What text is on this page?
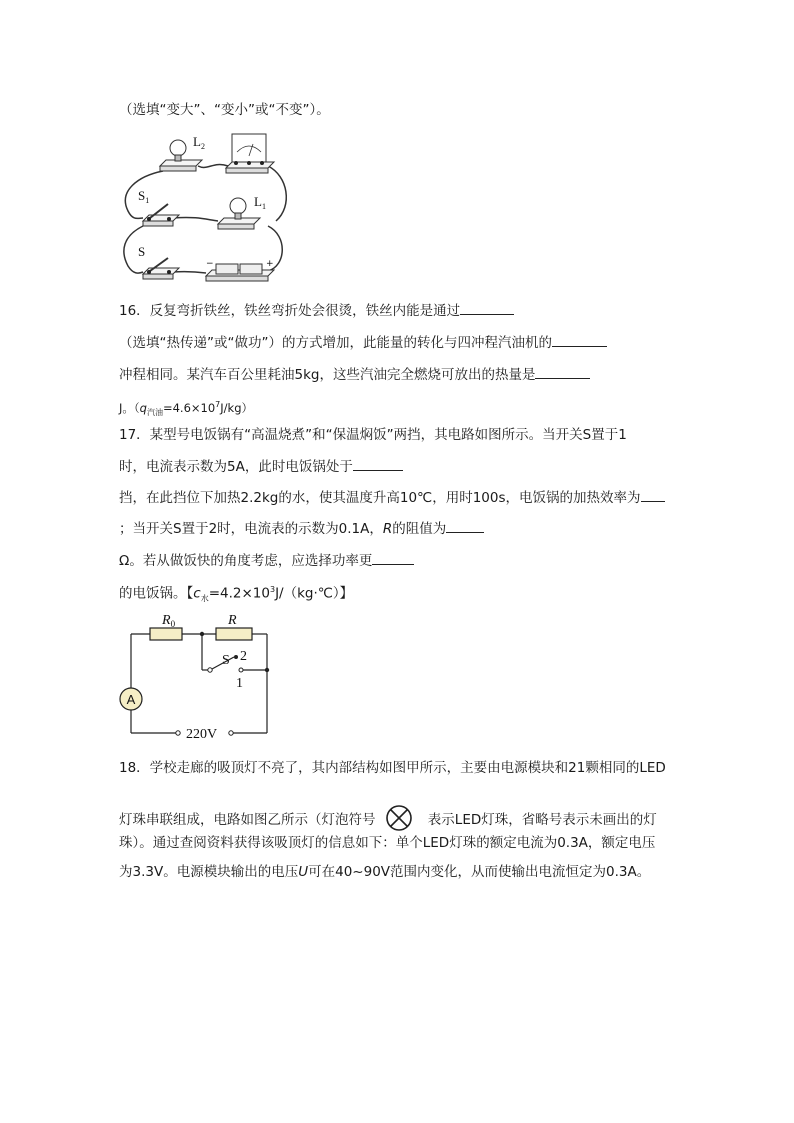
（选填“变大”、“变小”或“不变”）。
$L_2$
$S_1$	$L_1$
S
−	+
16．反复弯折铁丝，铁丝弯折处会很烫，铁丝内能是通过
（选填“热传递”或“做功”）的方式增加，此能量的转化与四冲程汽油机的
冲程相同。某汽车百公里耗油5kg，这些汽油完全燃烧可放出的热量是
J。$(q_{汽油}=4.6\times 10^7J/kg)$
17．某型号电饭锅有“高温烧煮”和“保温焖饭”两挡，其电路如图所示。当开关S置于1
时，电流表示数为5A，此时电饭锅处于
挡，在此挡位下加热2.2kg的水，使其温度升高10℃，用时100s，电饭锅的加热效率为
；当开关S置于2时，电流表的示数为0.1A，R的阻值为
Ω。若从做饭快的角度考虑，应选择功率更
的电饭锅。【$c_水=4.2\times 10^3J/(kg\cdot℃)$】
A
$R_0$	R
S 2
1
220V
18．学校走廊的吸顶灯不亮了，其内部结构如图甲所示，主要由电源模块和21颗相同的LED
灯珠串联组成，电路如图乙所示（灯泡符号	表示LED灯珠，省略号表示未画出的灯
珠）。通过查阅资料获得该吸顶灯的信息如下：单个LED灯珠的额定电流为0.3A，额定电压
为3.3V。电源模块输出的电压U可在40~90V范围内变化，从而使输出电流恒定为0.3A。
